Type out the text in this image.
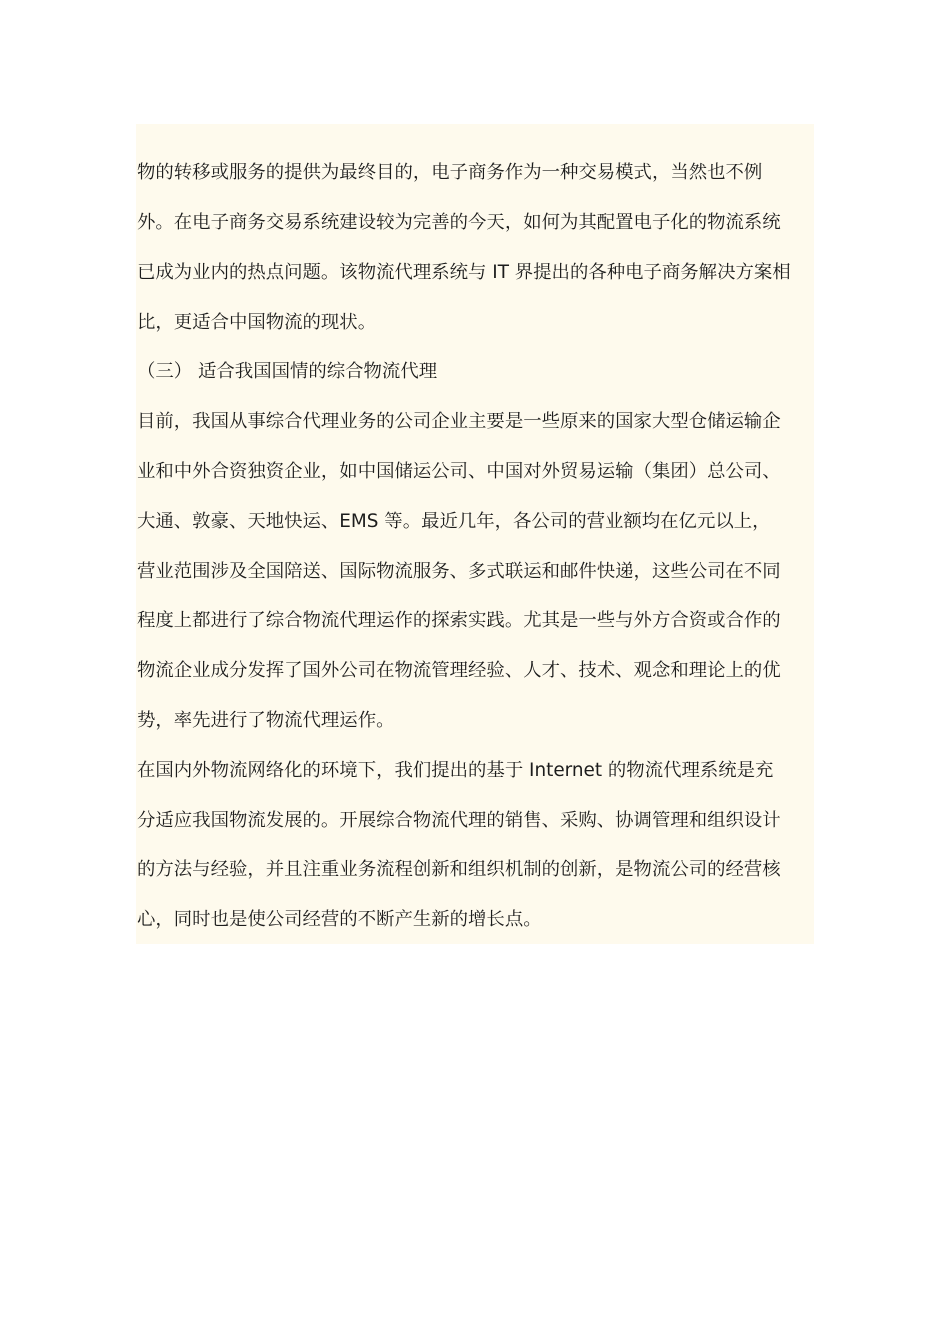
物的转移或服务的提供为最终目的，电子商务作为一种交易模式，当然也不例
外。在电子商务交易系统建设较为完善的今天，如何为其配置电子化的物流系统
已成为业内的热点问题。该物流代理系统与 IT 界提出的各种电子商务解决方案相
比，更适合中国物流的现状。
（三） 适合我国国情的综合物流代理
目前，我国从事综合代理业务的公司企业主要是一些原来的国家大型仓储运输企
业和中外合资独资企业，如中国储运公司、中国对外贸易运输（集团）总公司、
大通、敦豪、天地快运、EMS 等。最近几年，各公司的营业额均在亿元以上，
营业范围涉及全国陪送、国际物流服务、多式联运和邮件快递，这些公司在不同
程度上都进行了综合物流代理运作的探索实践。尤其是一些与外方合资或合作的
物流企业成分发挥了国外公司在物流管理经验、人才、技术、观念和理论上的优
势，率先进行了物流代理运作。
在国内外物流网络化的环境下，我们提出的基于 Internet 的物流代理系统是充
分适应我国物流发展的。开展综合物流代理的销售、采购、协调管理和组织设计
的方法与经验，并且注重业务流程创新和组织机制的创新，是物流公司的经营核
心，同时也是使公司经营的不断产生新的增长点。
